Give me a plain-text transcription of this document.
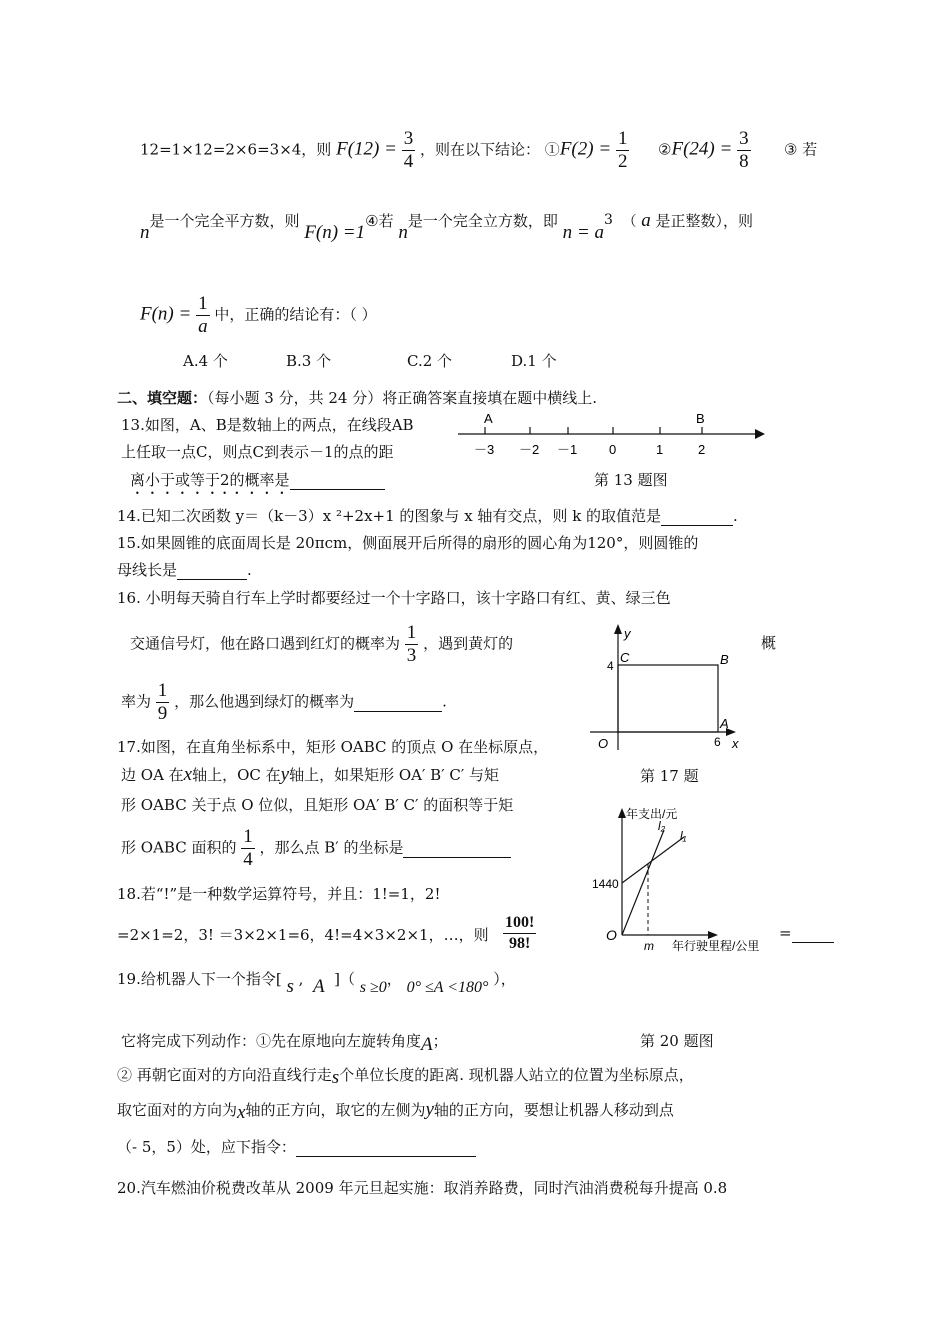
12=1×12=2×6=3×4，则 $F(12) = \frac{3}{4}$ ，则在以下结论： ①F(2) = $\frac{1}{2}$ ②F(24) = $\frac{3}{8}$ ③ 若
n是一个完全平方数，则 F(n) =1④若 n是一个完全立方数，即 $n = a^3$ （ a 是正整数），则
$F(n) = \frac{1}{a}$ 中，正确的结论有：（ ）
A.4 个	B.3 个	C.2 个	D.1 个
二、填空题：（每小题 3 分，共 24 分）将正确答案直接填在题中横线上.
13.如图，A、B是数轴上的两点，在线段AB
上任取一点C，则点C到表示－1的点的距
离小于或等于2的概率是
A	B
－3 －2 －1 0	1	2
第 13 题图
14.已知二次函数 y＝（k－3）x ²+2x+1 的图象与 x 轴有交点，则 k 的取值范是	.
15.如果圆锥的底面周长是 20πcm，侧面展开后所得的扇形的圆心角为120°，则圆锥的
母线长是	.
16. 小明每天骑自行车上学时都要经过一个十字路口，该十字路口有红、黄、绿三色
交通信号灯，他在路口遇到红灯的概率为 $\frac{1}{3}$ ，遇到黄灯的	概
率为 $\frac{1}{9}$ ，那么他遇到绿灯的概率为	.
y
x
C	B
A
O
4
6
17.如图，在直角坐标系中，矩形 OABC 的顶点 O 在坐标原点，
第 17 题
边 OA 在x轴上，OC 在y轴上，如果矩形 OA′ B′ C′ 与矩
形 OABC 关于点 O 位似，且矩形 OA′ B′ C′ 的面积等于矩
形 OABC 面积的 $\frac{1}{4}$ ，那么点 B′ 的坐标是
年支出/元
l₂
l₁
1440
O
m 年行驶里程/公里
18.若“!”是一种数学运算符号，并且：1!=1，2!
=2×1=2，3! ＝3×2×1=6，4!=4×3×2×1，…，则 $\frac{100!}{98!}$	=
19.给机器人下一个指令[ s ,  A ]（ s ≥0， 0° ≤A <180° ），
它将完成下列动作：①先在原地向左旋转角度A；	第 20 题图
② 再朝它面对的方向沿直线行走s个单位长度的距离. 现机器人站立的位置为坐标原点，
取它面对的方向为x轴的正方向，取它的左侧为y轴的正方向，要想让机器人移动到点
（- 5，5）处，应下指令：
20.汽车燃油价税费改革从 2009 年元旦起实施：取消养路费，同时汽油消费税每升提高 0.8
